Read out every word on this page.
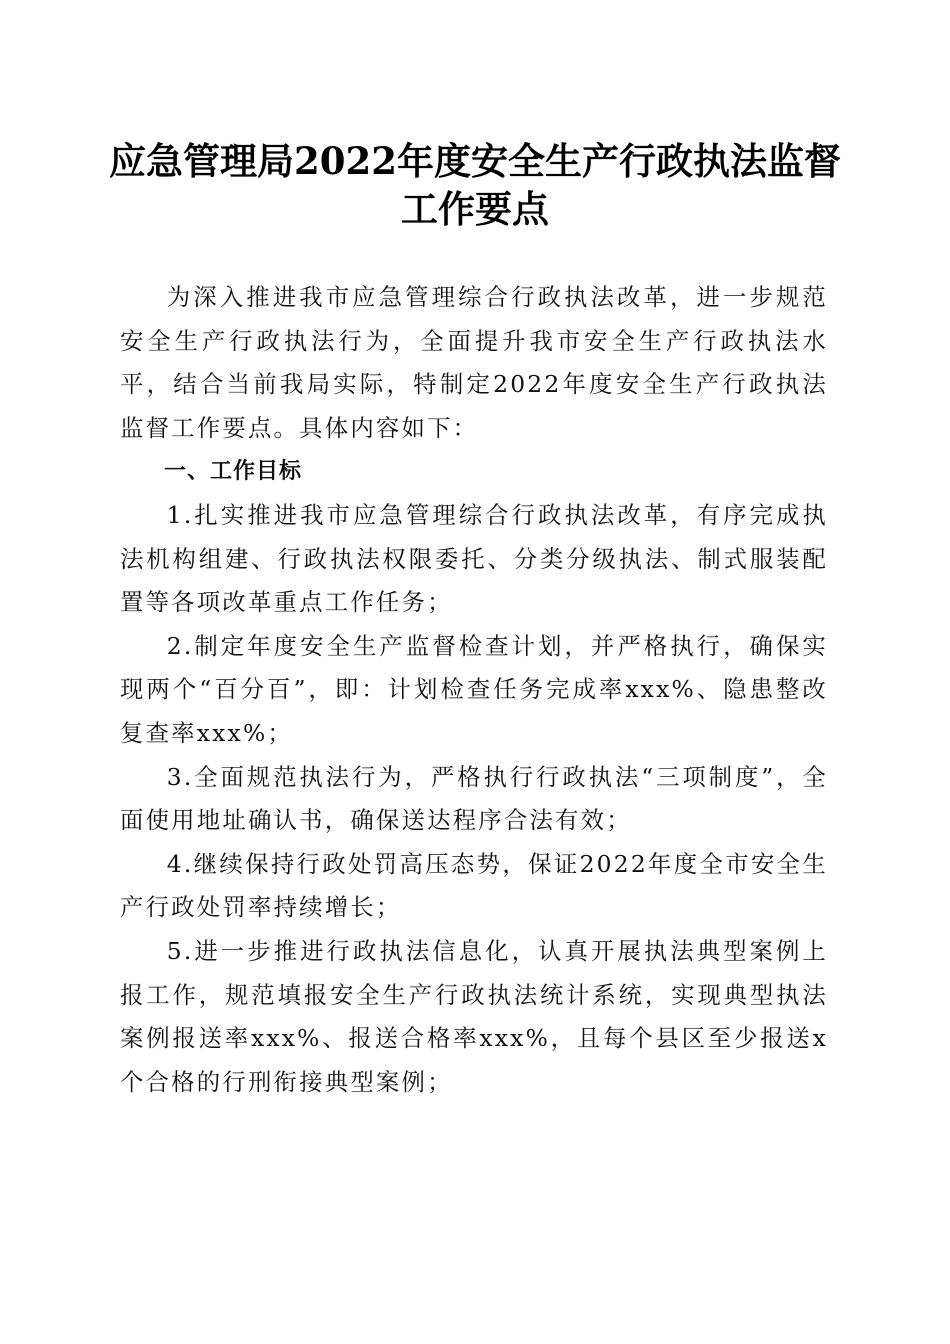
应急管理局2022年度安全生产行政执法监督
工作要点

为深入推进我市应急管理综合行政执法改革，进一步规范安全生产行政执法行为，全面提升我市安全生产行政执法水平，结合当前我局实际，特制定2022年度安全生产行政执法监督工作要点。具体内容如下：

一、工作目标

1.扎实推进我市应急管理综合行政执法改革，有序完成执法机构组建、行政执法权限委托、分类分级执法、制式服装配置等各项改革重点工作任务；

2.制定年度安全生产监督检查计划，并严格执行，确保实现两个“百分百”，即：计划检查任务完成率xxx%、隐患整改复查率xxx%；

3.全面规范执法行为，严格执行行政执法“三项制度”，全面使用地址确认书，确保送达程序合法有效；

4.继续保持行政处罚高压态势，保证2022年度全市安全生产行政处罚率持续增长；

5.进一步推进行政执法信息化，认真开展执法典型案例上报工作，规范填报安全生产行政执法统计系统，实现典型执法案例报送率xxx%、报送合格率xxx%，且每个县区至少报送x个合格的行刑衔接典型案例；
